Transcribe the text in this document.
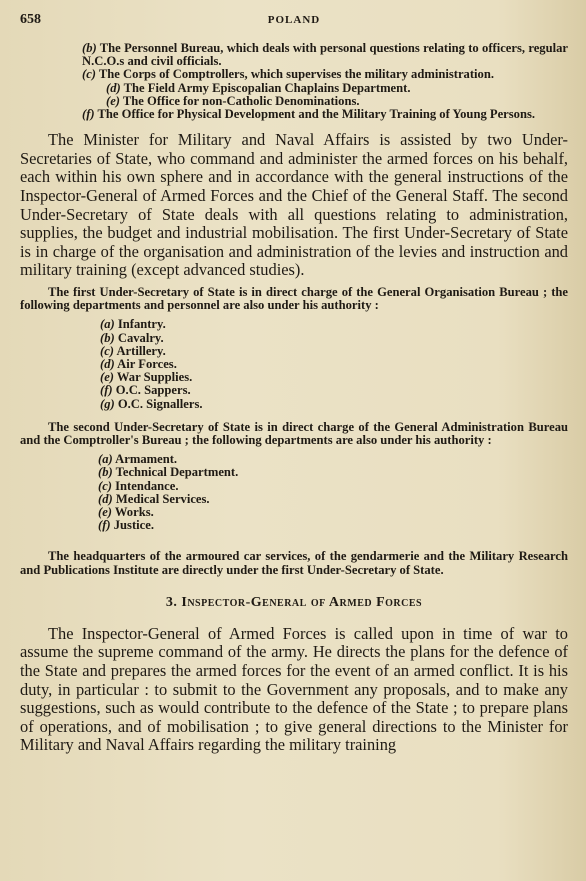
658	POLAND
(b) The Personnel Bureau, which deals with personal questions relating to officers, regular N.C.O.s and civil officials.
(c) The Corps of Comptrollers, which supervises the military administration.
(d) The Field Army Episcopalian Chaplains Department.
(e) The Office for non-Catholic Denominations.
(f) The Office for Physical Development and the Military Training of Young Persons.

The Minister for Military and Naval Affairs is assisted by two Under-Secretaries of State, who command and administer the armed forces on his behalf, each within his own sphere and in accordance with the general instructions of the Inspector-General of Armed Forces and the Chief of the General Staff. The second Under-Secretary of State deals with all questions relating to administration, supplies, the budget and industrial mobilisation. The first Under-Secretary of State is in charge of the organisation and administration of the levies and instruction and military training (except advanced studies).

The first Under-Secretary of State is in direct charge of the General Organisation Bureau ; the following departments and personnel are also under his authority :

(a) Infantry.
(b) Cavalry.
(c) Artillery.
(d) Air Forces.
(e) War Supplies.
(f) O.C. Sappers.
(g) O.C. Signallers.

The second Under-Secretary of State is in direct charge of the General Administration Bureau and the Comptroller's Bureau ; the following departments are also under his authority :

(a) Armament.
(b) Technical Department.
(c) Intendance.
(d) Medical Services.
(e) Works.
(f) Justice.

The headquarters of the armoured car services, of the gendarmerie and the Military Research and Publications Institute are directly under the first Under-Secretary of State.

3. Inspector-General of Armed Forces

The Inspector-General of Armed Forces is called upon in time of war to assume the supreme command of the army. He directs the plans for the defence of the State and prepares the armed forces for the event of an armed conflict. It is his duty, in particular : to submit to the Government any proposals, and to make any suggestions, such as would contribute to the defence of the State ; to prepare plans of operations, and of mobilisation ; to give general directions to the Minister for Military and Naval Affairs regarding the military training
